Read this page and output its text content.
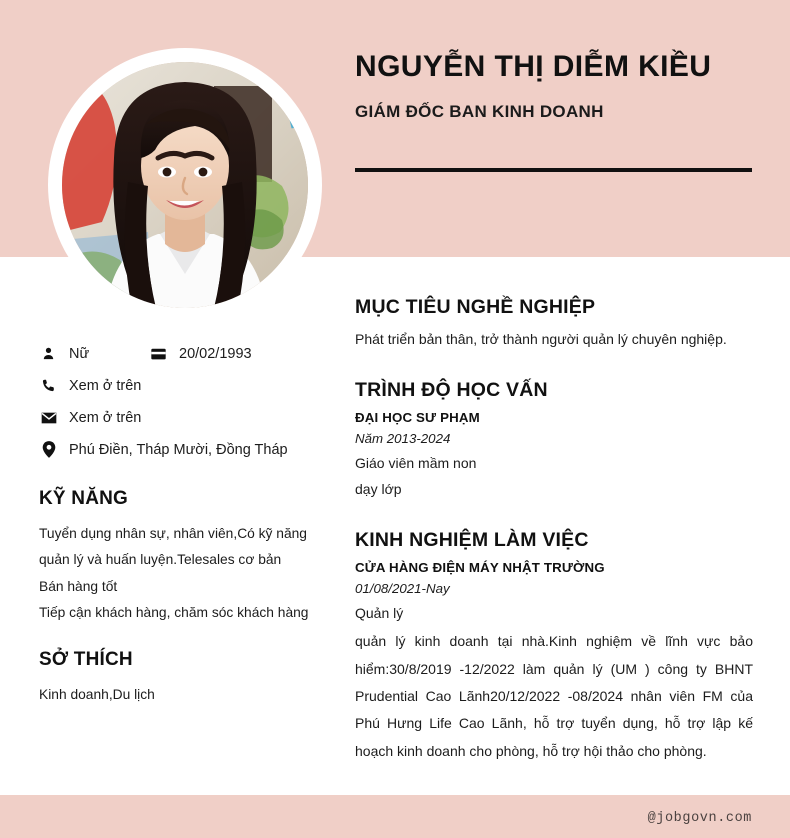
NGUYỄN THỊ DIỄM KIỀU
GIÁM ĐỐC BAN KINH DOANH
Nữ	20/02/1993
Xem ở trên
Xem ở trên
Phú Điền, Tháp Mười, Đồng Tháp
KỸ NĂNG
Tuyển dụng nhân sự, nhân viên,Có kỹ năng
quản lý và huấn luyện.Telesales cơ bản
Bán hàng tốt
Tiếp cận khách hàng, chăm sóc khách hàng
SỞ THÍCH
Kinh doanh,Du lịch
MỤC TIÊU NGHỀ NGHIỆP
Phát triển bản thân, trở thành người quản lý chuyên nghiệp.
TRÌNH ĐỘ HỌC VẤN
ĐẠI HỌC SƯ PHẠM
Năm 2013-2024
Giáo viên mầm non
dạy lớp
KINH NGHIỆM LÀM VIỆC
CỬA HÀNG ĐIỆN MÁY NHẬT TRƯỜNG
01/08/2021-Nay
Quản lý
quản lý kinh doanh tại nhà.Kinh nghiệm về lĩnh vực bảo hiểm:30/8/2019 -12/2022 làm quản lý (UM ) công ty BHNT Prudential Cao Lãnh20/12/2022 -08/2024 nhân viên FM của Phú Hưng Life Cao Lãnh, hỗ trợ tuyển dụng, hỗ trợ lập kế hoạch kinh doanh cho phòng, hỗ trợ hội thảo cho phòng.
@jobgovn.com
